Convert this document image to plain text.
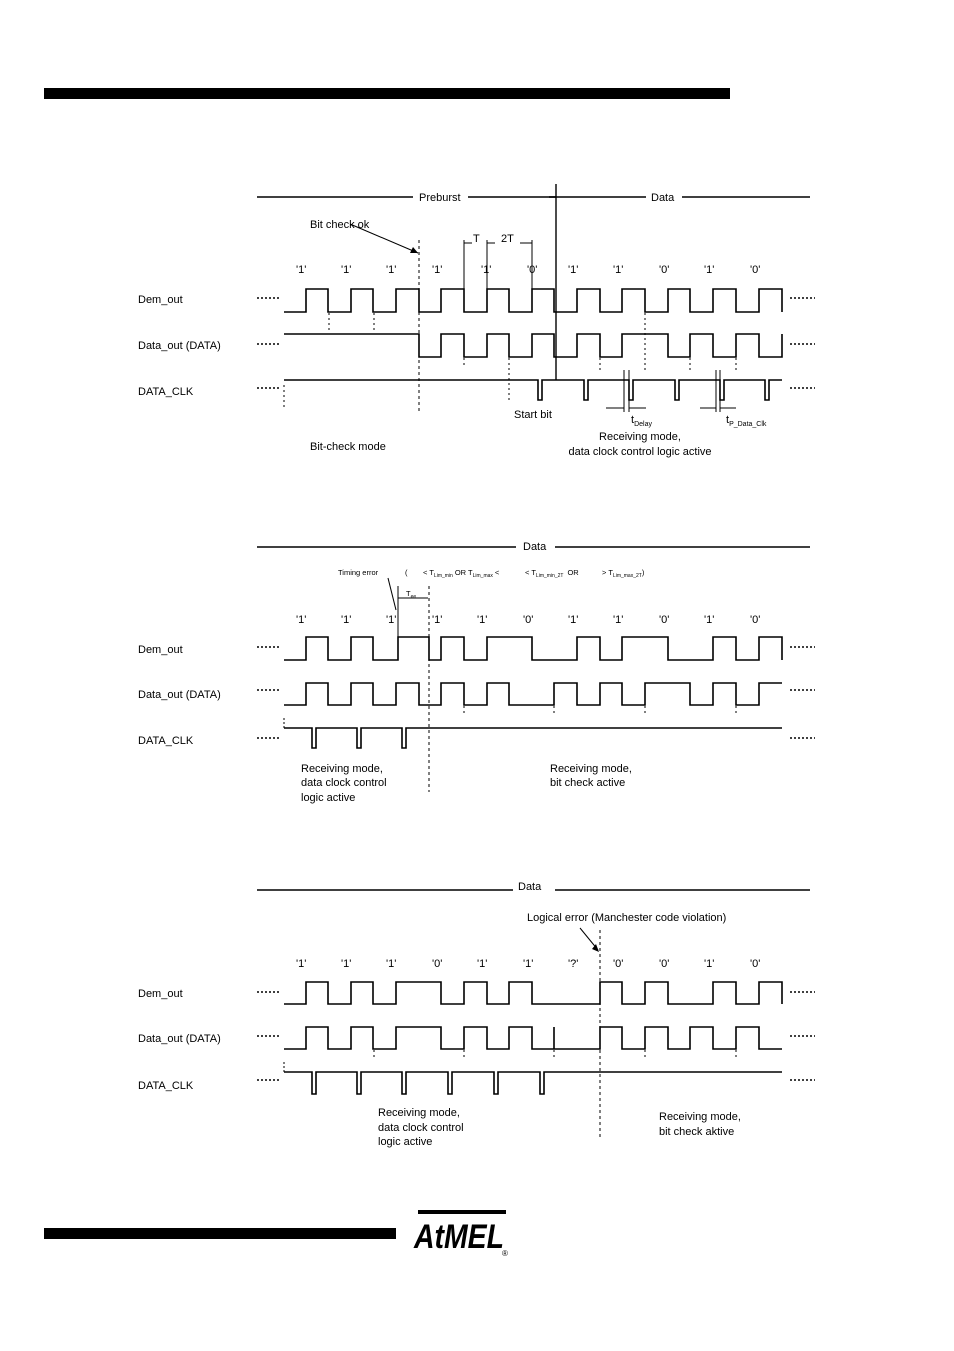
Preburst	Data
Bit check ok
T 2T
'1'	'1'	'1'	'1'	'1'	'0'	'1'	'1'	'0'	'1'	'0'
Dem_out
Data_out (DATA)
DATA_CLK
Start bit	$t_{Delay}$	$t_{P\_Data\_Clk}$
Bit-check mode
Receiving mode,
data clock control logic active
Data
Timing error	( < $T_{Lim\_min}$ OR $T_{Lim\_max}$ <	< $T_{Lim\_min\_2T}$ OR	> $T_{Lim\_max\_2T}$)
$T_{ee}$
'1'	'1'	'1'	'1'	'1'	'0'	'1'	'1'	'0'	'1'	'0'
Dem_out
Data_out (DATA)
DATA_CLK
Receiving mode,
data clock control
logic active
Receiving mode,
bit check active
Data
Logical error (Manchester code violation)
'1'	'1'	'1'	'0'	'1'	'1'	'?'	'0'	'0'	'1'	'0'
Dem_out
Data_out (DATA)
DATA_CLK
Receiving mode,
data clock control
logic active
Receiving mode,
bit check aktive
AtMEL
®
